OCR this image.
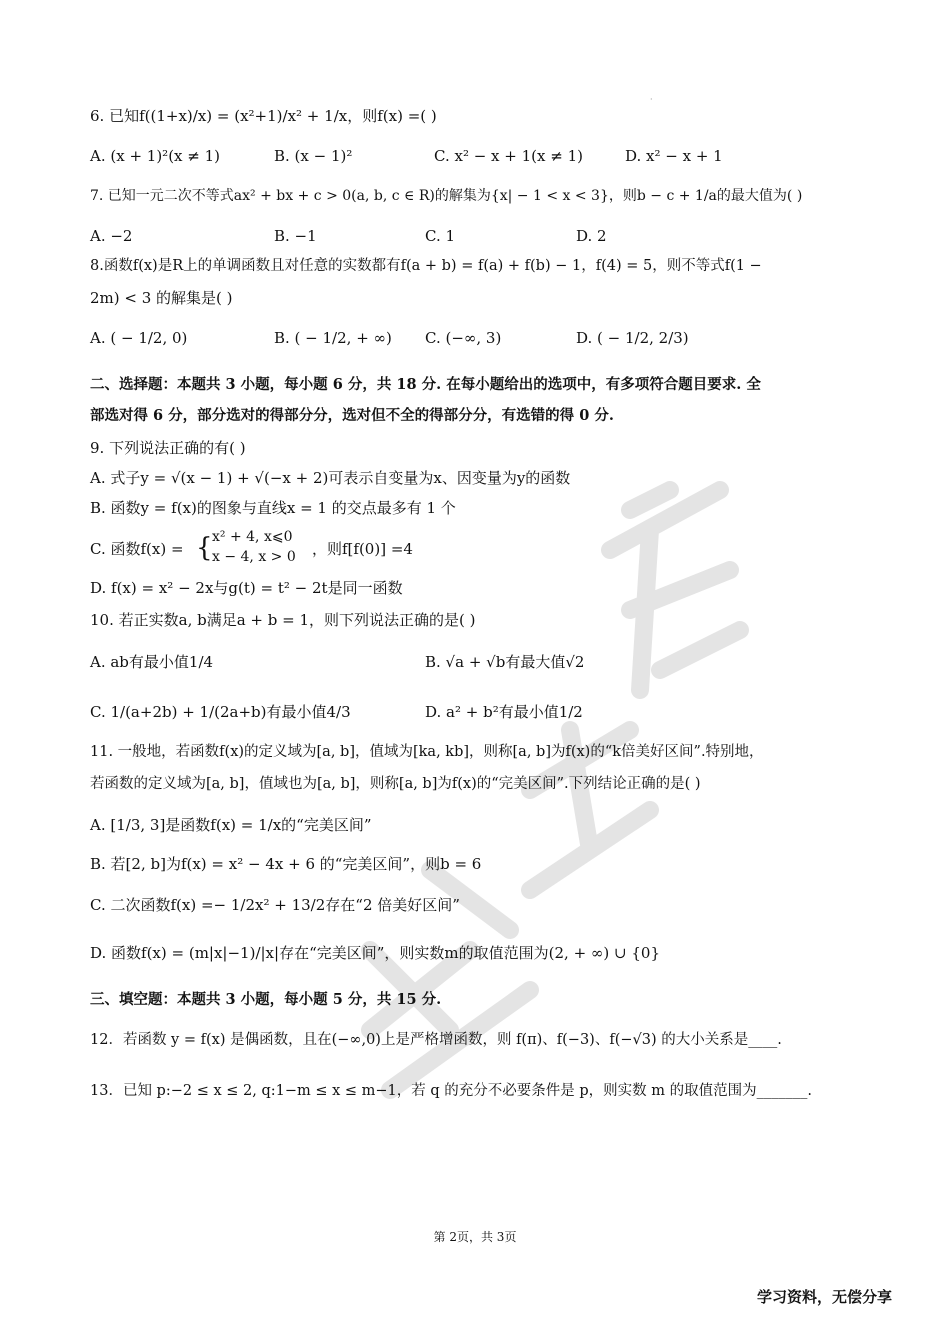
·
6. 已知f((1+x)/x) = (x²+1)/x² + 1/x，则f(x) =( )
A. (x + 1)²(x ≠ 1)	B. (x − 1)²	C. x² − x + 1(x ≠ 1)	D. x² − x + 1
7. 已知一元二次不等式ax² + bx + c > 0(a, b, c ∈ R)的解集为{x| − 1 < x < 3}，则b − c + 1/a的最大值为( )
A. −2	B. −1	C. 1	D. 2
8.函数f(x)是R上的单调函数且对任意的实数都有f(a + b) = f(a) + f(b) − 1，f(4) = 5，则不等式f(1 −
2m) < 3 的解集是( )
A. ( − 1/2, 0)	B. ( − 1/2, + ∞) C. (−∞, 3)	D. ( − 1/2, 2/3)
二、选择题：本题共 3 小题，每小题 6 分，共 18 分. 在每小题给出的选项中，有多项符合题目要求. 全
部选对得 6 分，部分选对的得部分分，选对但不全的得部分分，有选错的得 0 分.
9. 下列说法正确的有( )
A. 式子y = √(x − 1) + √(−x + 2)可表示自变量为x、因变量为y的函数
B. 函数y = f(x)的图象与直线x = 1 的交点最多有 1 个
C. 函数f(x) = { x² + 4, x⩽0
x − 4, x > 0 ，则f[f(0)] =4
D. f(x) = x² − 2x与g(t) = t² − 2t是同一函数
10. 若正实数a, b满足a + b = 1，则下列说法正确的是( )
A. ab有最小值1/4	B. √a + √b有最大值√2
C. 1/(a+2b) + 1/(2a+b)有最小值4/3	D. a² + b²有最小值1/2
11. 一般地，若函数f(x)的定义域为[a, b]，值域为[ka, kb]，则称[a, b]为f(x)的“k倍美好区间”.特别地，
若函数的定义域为[a, b]，值域也为[a, b]，则称[a, b]为f(x)的“完美区间”.下列结论正确的是( )
A. [1/3, 3]是函数f(x) = 1/x的“完美区间”
B. 若[2, b]为f(x) = x² − 4x + 6 的“完美区间”，则b = 6
C. 二次函数f(x) =− 1/2x² + 13/2存在“2 倍美好区间”
D. 函数f(x) = (m|x|−1)/|x|存在“完美区间”，则实数m的取值范围为(2, + ∞) ∪ {0}
三、填空题：本题共 3 小题，每小题 5 分，共 15 分.
12．若函数 y = f(x) 是偶函数，且在(−∞,0)上是严格增函数，则 f(π)、f(−3)、f(−√3) 的大小关系是____.
13．已知 p:−2 ≤ x ≤ 2, q:1−m ≤ x ≤ m−1，若 q 的充分不必要条件是 p，则实数 m 的取值范围为_______.
第 2页，共 3页
学习资料，无偿分享
